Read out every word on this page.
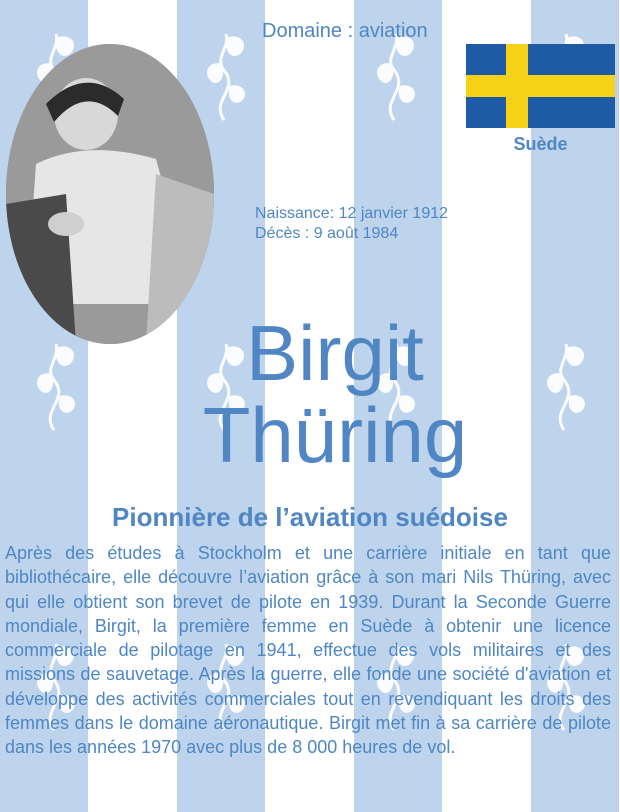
Domaine : aviation
Suède
Naissance: 12 janvier 1912
Décès : 9 août 1984
Birgit
Thüring
Pionnière de l’aviation suédoise
Après des études à Stockholm et une carrière initiale en tant que bibliothécaire, elle découvre l’aviation grâce à son mari Nils Thüring, avec qui elle obtient son brevet de pilote en 1939. Durant la Seconde Guerre mondiale, Birgit, la première femme en Suède à obtenir une licence commerciale de pilotage en 1941, effectue des vols militaires et des missions de sauvetage. Après la guerre, elle fonde une société d'aviation et développe des activités commerciales tout en revendiquant les droits des femmes dans le domaine aéronautique. Birgit met fin à sa carrière de pilote dans les années 1970 avec plus de 8 000 heures de vol.
